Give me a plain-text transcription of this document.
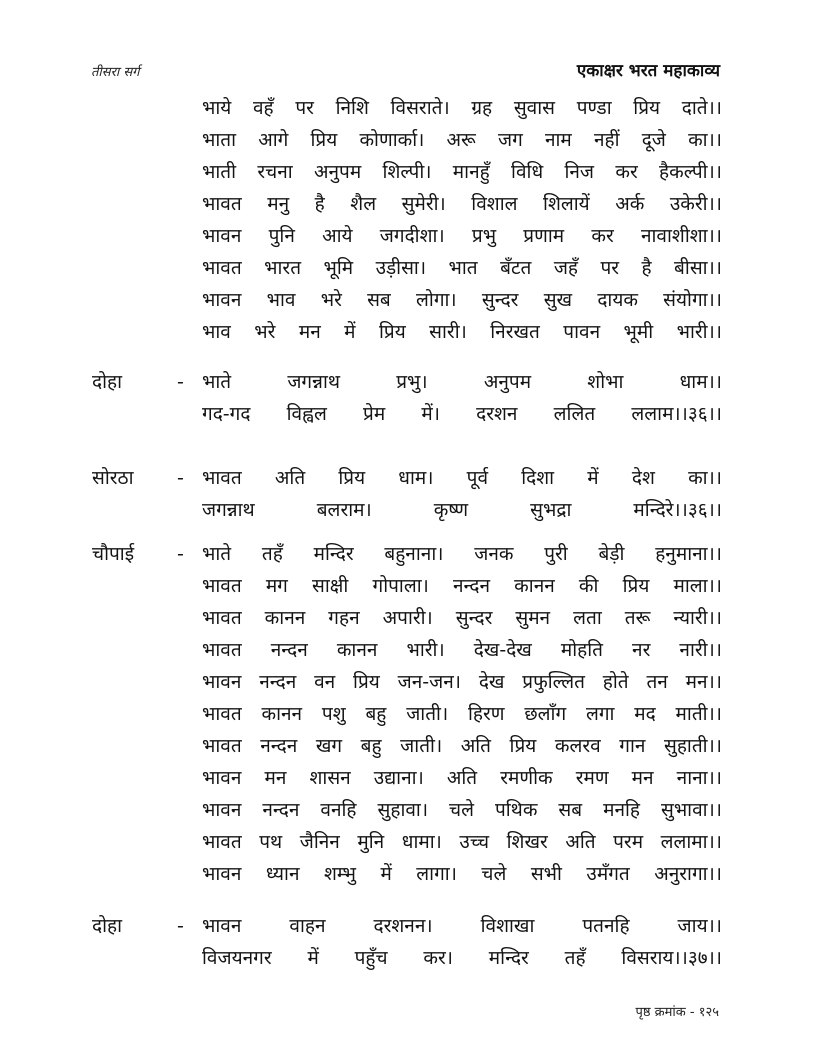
तीसरा सर्ग	एकाक्षर भरत महाकाव्य
भाये वहँ पर निशि विसराते। ग्रह सुवास पण्डा प्रिय दाते।।
भाता आगे प्रिय कोणार्का। अरू जग नाम नहीं दूजे का।।
भाती रचना अनुपम शिल्पी। मानहुँ विधि निज कर हैकल्पी।।
भावत मनु है शैल सुमेरी। विशाल शिलायें अर्क उकेरी।।
भावन पुनि आये जगदीशा। प्रभु प्रणाम कर नावाशीशा।।
भावत भारत भूमि उड़ीसा। भात बँटत जहँ पर है बीसा।।
भावन भाव भरे सब लोगा। सुन्दर सुख दायक संयोगा।।
भाव भरे मन में प्रिय सारी। निरखत पावन भूमी भारी।।
दोहा	- भाते जगन्नाथ प्रभु। अनुपम शोभा धाम।।
गद-गद विह्वल प्रेम में। दरशन ललित ललाम।।३६।।
सोरठा - भावत अति प्रिय धाम। पूर्व दिशा में देश का।।
जगन्नाथ बलराम। कृष्ण सुभद्रा मन्दिरे।।३६।।
चौपाई - भाते तहँ मन्दिर बहुनाना। जनक पुरी बेड़ी हनुमाना।।
भावत मग साक्षी गोपाला। नन्दन कानन की प्रिय माला।।
भावत कानन गहन अपारी। सुन्दर सुमन लता तरू न्यारी।।
भावत नन्दन कानन भारी। देख-देख मोहति नर नारी।।
भावन नन्दन वन प्रिय जन-जन। देख प्रफुल्लित होते तन मन।।
भावत कानन पशु बहु जाती। हिरण छलाँग लगा मद माती।।
भावत नन्दन खग बहु जाती। अति प्रिय कलरव गान सुहाती।।
भावन मन शासन उद्याना। अति रमणीक रमण मन नाना।।
भावन नन्दन वनहि सुहावा। चले पथिक सब मनहि सुभावा।।
भावत पथ जैनिन मुनि धामा। उच्च शिखर अति परम ललामा।।
भावन ध्यान शम्भु में लागा। चले सभी उमँगत अनुरागा।।
दोहा	- भावन वाहन दरशनन। विशाखा पतनहि जाय।।
विजयनगर में पहुँच कर। मन्दिर तहँ विसराय।।३७।।
पृष्ठ क्रमांक - १२५
